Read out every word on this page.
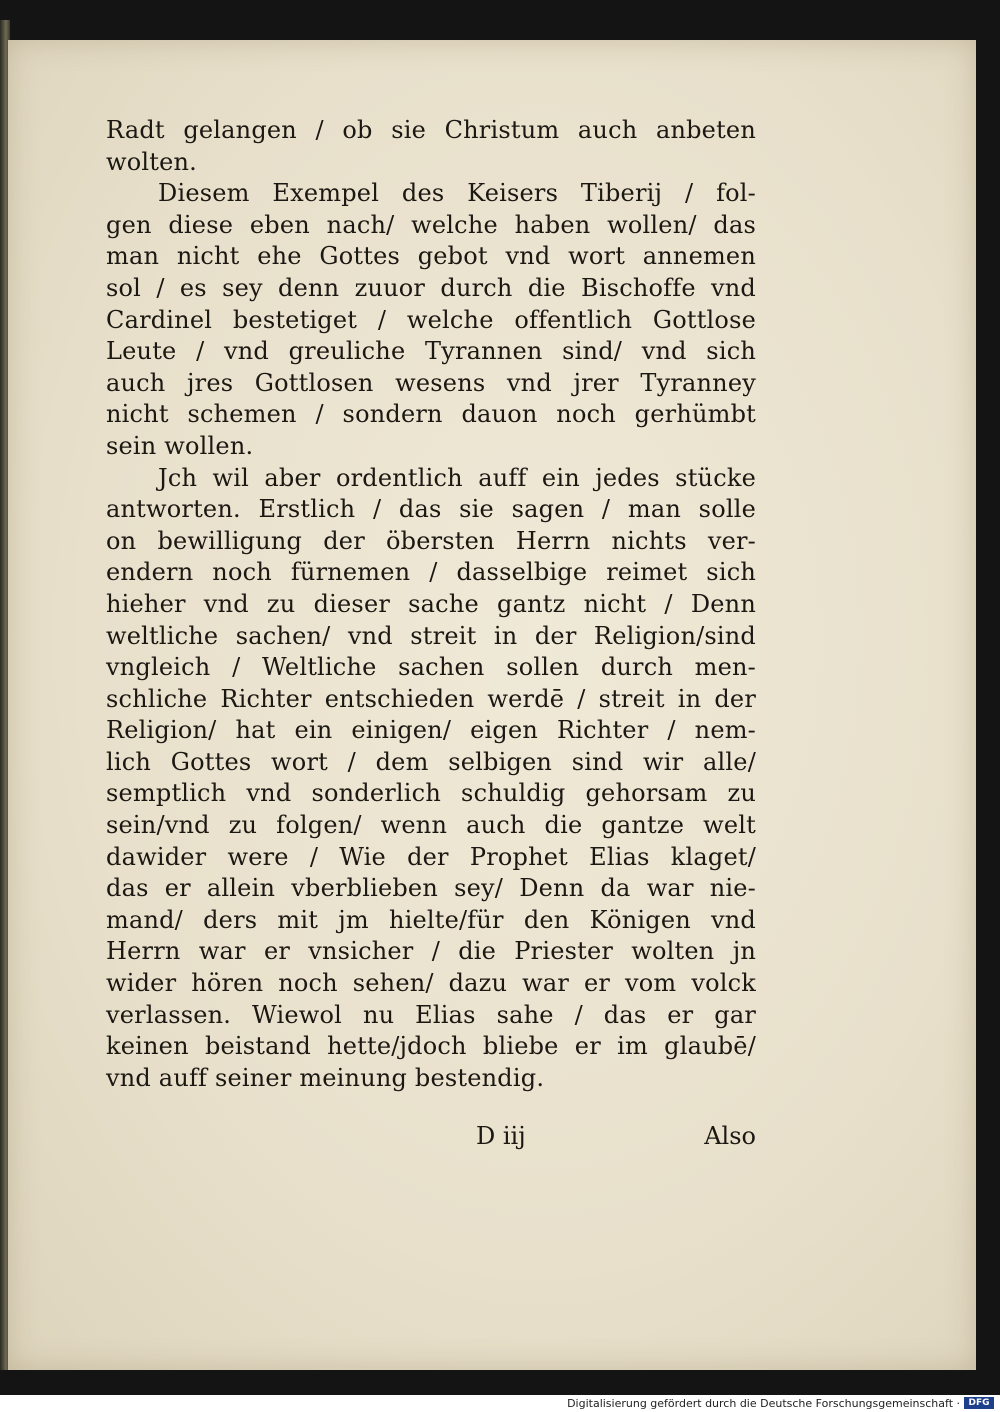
Radt gelangen / ob sie Christum auch anbeten
wolten.
Diesem Exempel des Keisers Tiberij / fol-
gen diese eben nach/ welche haben wollen/ das
man nicht ehe Gottes gebot vnd wort annemen
sol / es sey denn zuuor durch die Bischoffe vnd
Cardinel bestetiget / welche offentlich Gottlose
Leute / vnd greuliche Tyrannen sind/ vnd sich
auch jres Gottlosen wesens vnd jrer Tyranney
nicht schemen / sondern dauon noch gerhümbt
sein wollen.
Jch wil aber ordentlich auff ein jedes stücke
antworten. Erstlich / das sie sagen / man solle
on bewilligung der öbersten Herrn nichts ver-
endern noch fürnemen / dasselbige reimet sich
hieher vnd zu dieser sache gantz nicht / Denn
weltliche sachen/ vnd streit in der Religion/sind
vngleich / Weltliche sachen sollen durch men-
schliche Richter entschieden werdē / streit in der
Religion/ hat ein einigen/ eigen Richter / nem-
lich Gottes wort / dem selbigen sind wir alle/
semptlich vnd sonderlich schuldig gehorsam zu
sein/vnd zu folgen/ wenn auch die gantze welt
dawider were / Wie der Prophet Elias klaget/
das er allein vberblieben sey/ Denn da war nie-
mand/ ders mit jm hielte/für den Königen vnd
Herrn war er vnsicher / die Priester wolten jn
wider hören noch sehen/ dazu war er vom volck
verlassen. Wiewol nu Elias sahe / das er gar
keinen beistand hette/jdoch bliebe er im glaubē/
vnd auff seiner meinung bestendig.
D iij	Also
Digitalisierung gefördert durch die Deutsche Forschungsgemeinschaft · DFG
